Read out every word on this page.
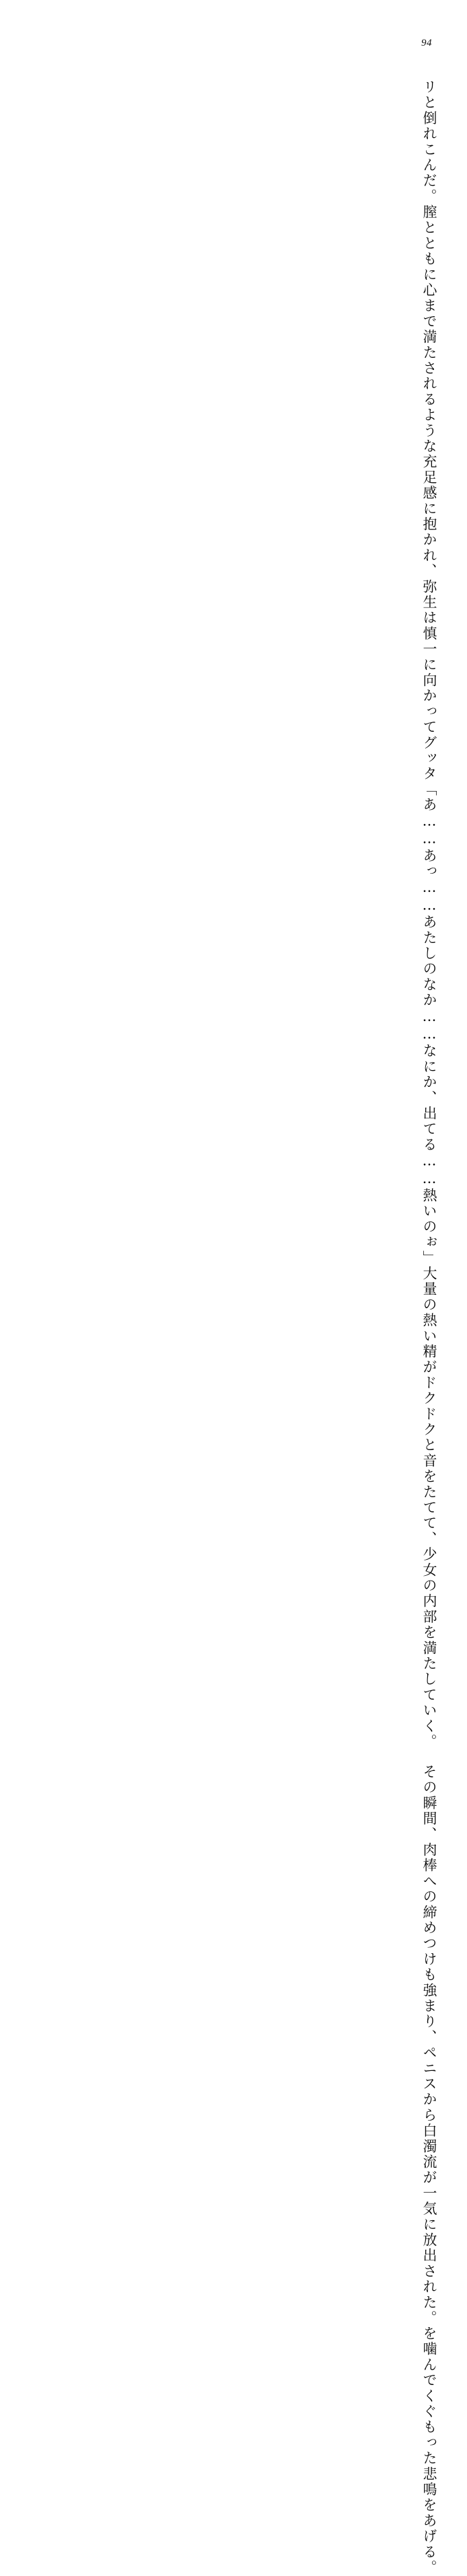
94
リと倒れこんだ。
膣とともに心まで満たされるような充足感に抱かれ、弥生は慎一に向かってグッタ
「あ……あっ……あたしのなか……なにか、出てる……熱いのぉ」
大量の熱い精がドクドクと音をたてて、少女の内部を満たしていく。
その瞬間、肉棒への締めつけも強まり、ペニスから白濁流が一気に放出された。
を噛んでくぐもった悲鳴をあげる。
